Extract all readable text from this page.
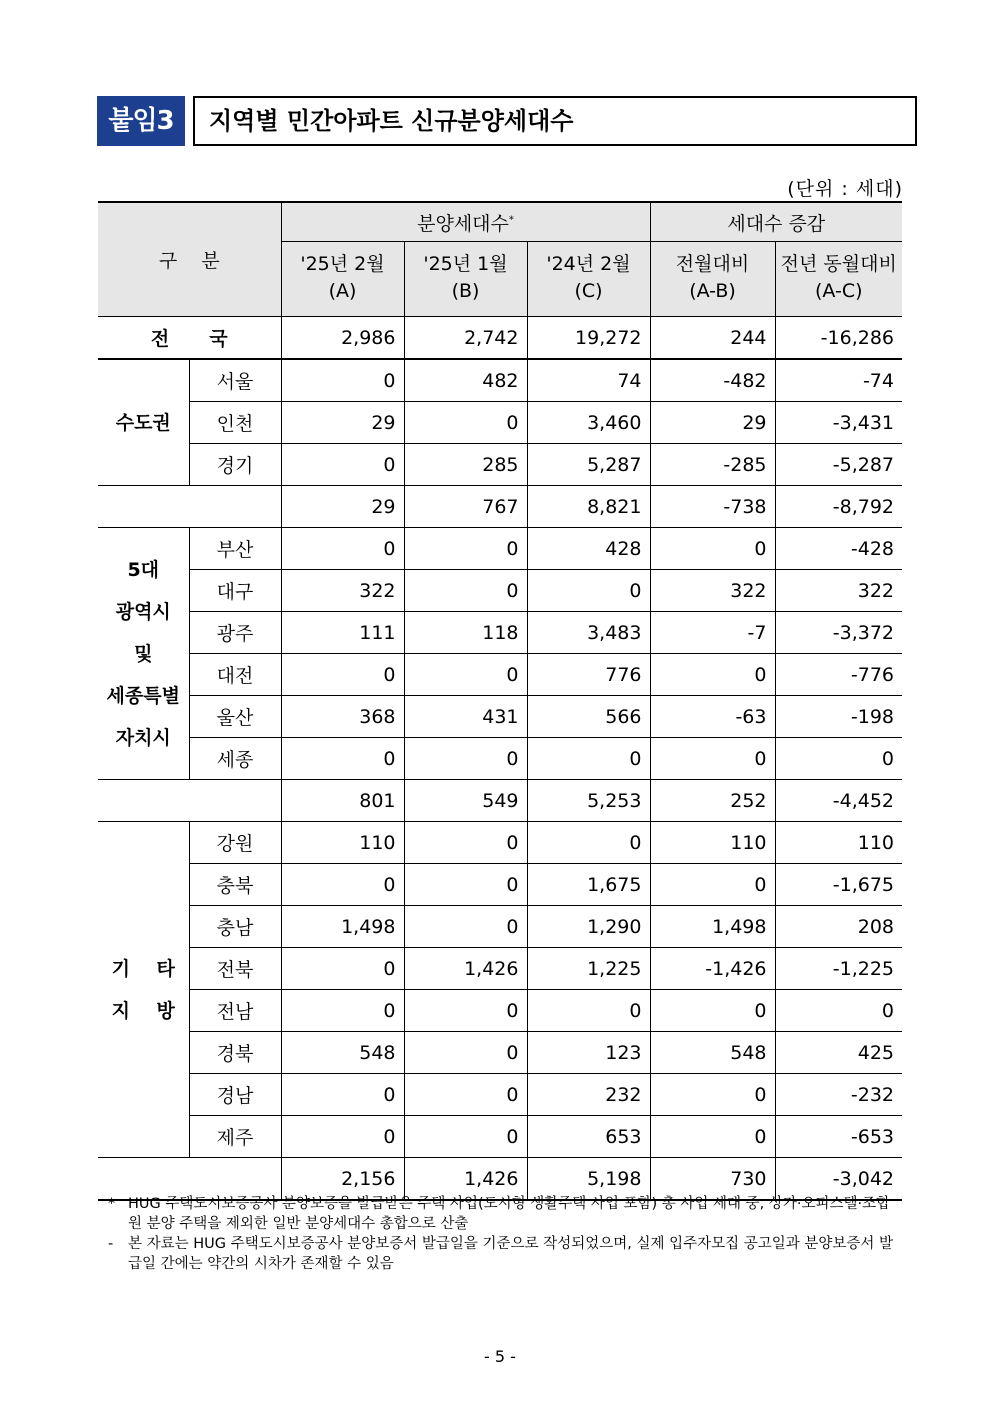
붙임3	지역별 민간아파트 신규분양세대수
(단위 : 세대)
구    분		분양세대수*			세대수 증감	
		'25년 2월	'25년 1월	'24년 2월	전월대비	전년 동월대비
		(A)	(B)	(C)	(A-B)	(A-C)
전국		2,986	2,742	19,272	244	-16,286

수도권	서울	0	482	74	-482	-74
	인천	29	0	3,460	29	-3,431
	경기	0	285	5,287	-285	-5,287
		29	767	8,821	-738	-8,792

5대
광역시
및
세종특별
자치시	부산	0	0	428	0	-428
	대구	322	0	0	322	322
	광주	111	118	3,483	-7	-3,372
	대전	0	0	776	0	-776
	울산	368	431	566	-63	-198
	세종	0	0	0	0	0
		801	549	5,253	252	-4,452

기    타
지    방	강원	110	0	0	110	110
	충북	0	0	1,675	0	-1,675
	충남	1,498	0	1,290	1,498	208
	전북	0	1,426	1,225	-1,426	-1,225
	전남	0	0	0	0	0
	경북	548	0	123	548	425
	경남	0	0	232	0	-232
	제주	0	0	653	0	-653
		2,156	1,426	5,198	730	-3,042
* HUG 주택도시보증공사 분양보증을 발급받은 주택 사업(도시형 생활주택 사업 포함) 총 사업 세대 중, 상가·오피스텔·조합원 분양 주택을 제외한 일반 분양세대수 총합으로 산출
-	본 자료는 HUG 주택도시보증공사 분양보증서 발급일을 기준으로 작성되었으며, 실제 입주자모집 공고일과 분양보증서 발급일 간에는 약간의 시차가 존재할 수 있음
- 5 -
